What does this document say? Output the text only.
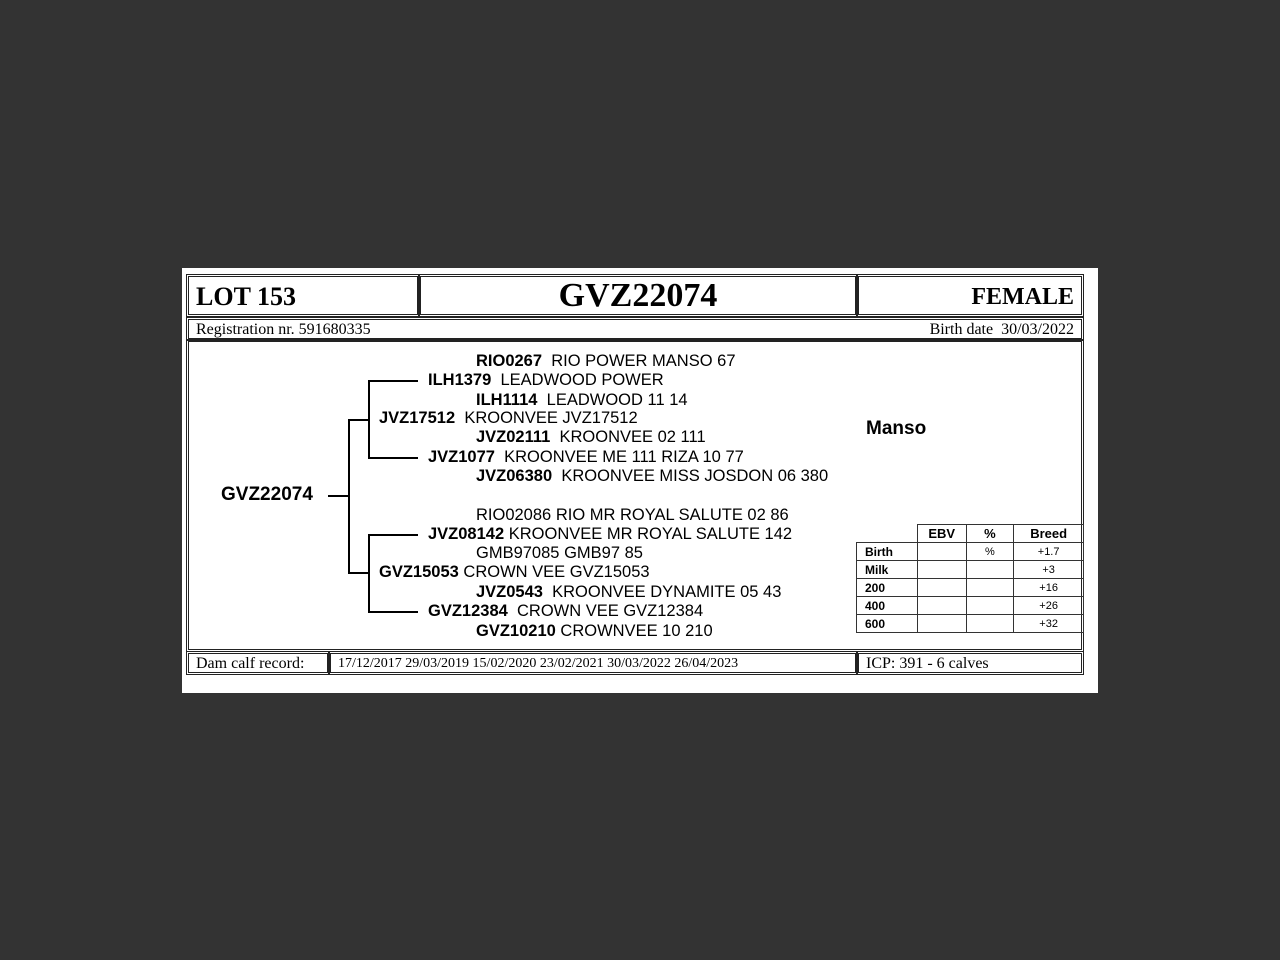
LOT 153	GVZ22074	FEMALE
Registration nr. 591680335	Birth date 30/03/2022
GVZ22074
RIO0267 RIO POWER MANSO 67
ILH1379 LEADWOOD POWER
ILH1114 LEADWOOD 11 14
JVZ17512 KROONVEE JVZ17512
JVZ02111 KROONVEE 02 111
JVZ1077 KROONVEE ME 111 RIZA 10 77
JVZ06380 KROONVEE MISS JOSDON 06 380
RIO02086 RIO MR ROYAL SALUTE 02 86
JVZ08142 KROONVEE MR ROYAL SALUTE 142
GMB97085 GMB97 85
GVZ15053 CROWN VEE GVZ15053
JVZ0543 KROONVEE DYNAMITE 05 43
GVZ12384 CROWN VEE GVZ12384
GVZ10210 CROWNVEE 10 210
Manso
	EBV	%	Breed
Birth		%	+1.7
Milk			+3
200			+16
400			+26
600			+32
Dam calf record: 17/12/2017 29/03/2019 15/02/2020 23/02/2021 30/03/2022 26/04/2023	ICP: 391 - 6 calves
